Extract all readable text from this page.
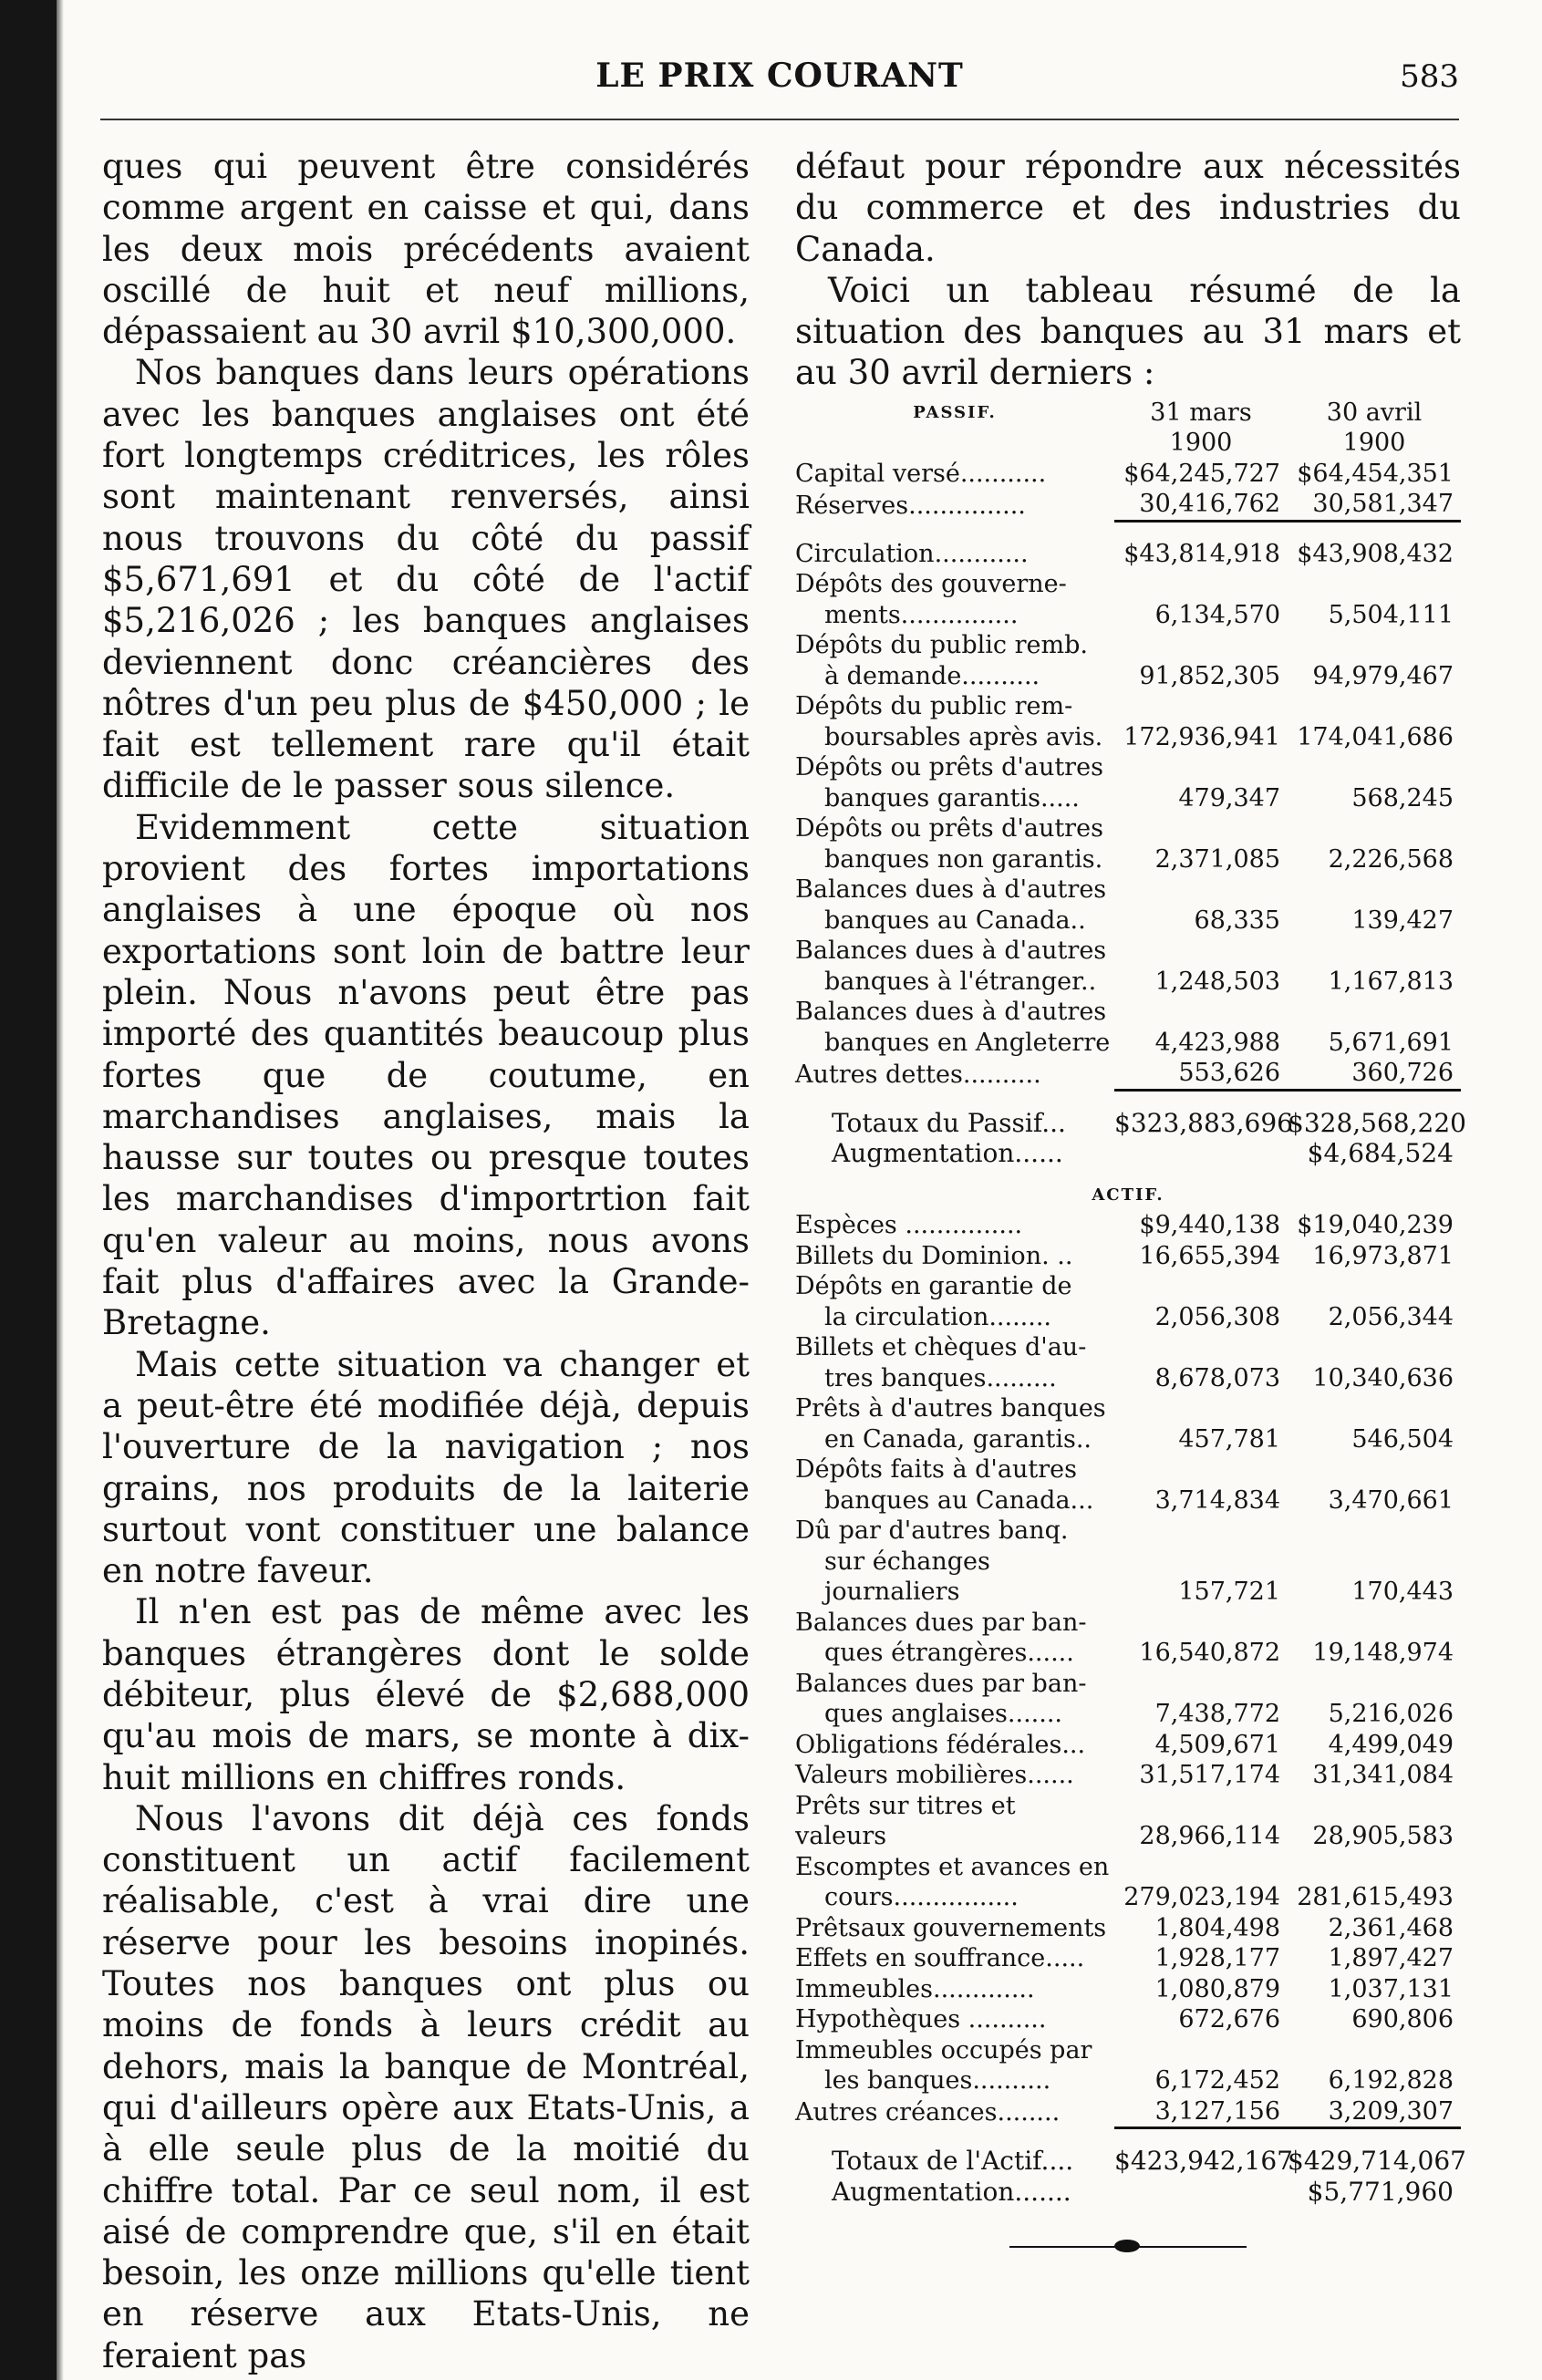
LE PRIX COURANT	583

ques qui peuvent être considérés comme argent en caisse et qui, dans les deux mois précédents avaient oscillé de huit et neuf millions, dépassaient au 30 avril $10,300,000.

Nos banques dans leurs opérations avec les banques anglaises ont été fort longtemps créditrices, les rôles sont maintenant renversés, ainsi nous trouvons du côté du passif $5,671,691 et du côté de l'actif $5,216,026 ; les banques anglaises deviennent donc créancières des nôtres d'un peu plus de $450,000 ; le fait est tellement rare qu'il était difficile de le passer sous silence.

Evidemment cette situation provient des fortes importations anglaises à une époque où nos exportations sont loin de battre leur plein. Nous n'avons peut être pas importé des quantités beaucoup plus fortes que de coutume, en marchandises anglaises, mais la hausse sur toutes ou presque toutes les marchandises d'importrtion fait qu'en valeur au moins, nous avons fait plus d'affaires avec la Grande-Bretagne.

Mais cette situation va changer et a peut-être été modifiée déjà, depuis l'ouverture de la navigation ; nos grains, nos produits de la laiterie surtout vont constituer une balance en notre faveur.

Il n'en est pas de même avec les banques étrangères dont le solde débiteur, plus élevé de $2,688,000 qu'au mois de mars, se monte à dix-huit millions en chiffres ronds.

Nous l'avons dit déjà ces fonds constituent un actif facilement réalisable, c'est à vrai dire une réserve pour les besoins inopinés. Toutes nos banques ont plus ou moins de fonds à leurs crédit au dehors, mais la banque de Montréal, qui d'ailleurs opère aux Etats-Unis, a à elle seule plus de la moitié du chiffre total. Par ce seul nom, il est aisé de comprendre que, s'il en était besoin, les onze millions qu'elle tient en réserve aux Etats-Unis, ne feraient pas

défaut pour répondre aux nécessités du commerce et des industries du Canada.

Voici un tableau résumé de la situation des banques au 31 mars et au 30 avril derniers :

PASSIF.	31 mars	30 avril
	1900	1900
Capital versé...........	$64,245,727	$64,454,351
Réserves...............	30,416,762	30,581,347

Circulation............	$43,814,918	$43,908,432
Dépôts des gouverne-		
ments...............	6,134,570	5,504,111
Dépôts du public remb.		
à demande..........	91,852,305	94,979,467
Dépôts du public rem-		
boursables après avis.	172,936,941	174,041,686
Dépôts ou prêts d'autres		
banques garantis.....	479,347	568,245
Dépôts ou prêts d'autres		
banques non garantis.	2,371,085	2,226,568
Balances dues à d'autres		
banques au Canada..	68,335	139,427
Balances dues à d'autres		
banques à l'étranger..	1,248,503	1,167,813
Balances dues à d'autres		
banques en Angleterre	4,423,988	5,671,691
Autres dettes..........	553,626	360,726

Totaux du Passif...	$323,883,696	$328,568,220
Augmentation......		$4,684,524
ACTIF.		
Espèces ...............	$9,440,138	$19,040,239
Billets du Dominion. ..	16,655,394	16,973,871
Dépôts en garantie de		
la circulation........	2,056,308	2,056,344
Billets et chèques d'au-		
tres banques.........	8,678,073	10,340,636
Prêts à d'autres banques		
en Canada, garantis..	457,781	546,504
Dépôts faits à d'autres		
banques au Canada...	3,714,834	3,470,661
Dû par d'autres banq.		
sur échanges journaliers	157,721	170,443
Balances dues par ban-		
ques étrangères......	16,540,872	19,148,974
Balances dues par ban-		
ques anglaises.......	7,438,772	5,216,026
Obligations fédérales...	4,509,671	4,499,049
Valeurs mobilières......	31,517,174	31,341,084
Prêts sur titres et valeurs	28,966,114	28,905,583
Escomptes et avances en		
cours................	279,023,194	281,615,493
Prêtsaux gouvernements	1,804,498	2,361,468
Effets en souffrance.....	1,928,177	1,897,427
Immeubles.............	1,080,879	1,037,131
Hypothèques ..........	672,676	690,806
Immeubles occupés par		
les banques..........	6,172,452	6,192,828
Autres créances........	3,127,156	3,209,307

Totaux de l'Actif....	$423,942,167	$429,714,067
Augmentation.......		$5,771,960
